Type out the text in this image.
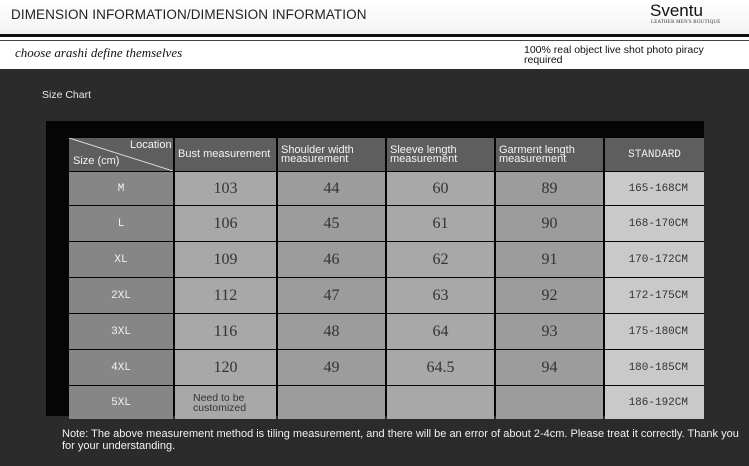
DIMENSION INFORMATION/DIMENSION INFORMATION	Sventu
LEATHER MEN'S BOUTIQUE
choose arashi define themselves	100% real object live shot photo piracy required
Size Chart
Location
Size (cm)	Bust measurement	Shoulder width measurement	Sleeve length measurement	Garment length measurement	STANDARD
M	103	44	60	89	165-168CM
L	106	45	61	90	168-170CM
XL	109	46	62	91	170-172CM
2XL	112	47	63	92	172-175CM
3XL	116	48	64	93	175-180CM
4XL	120	49	64.5	94	180-185CM
5XL	Need to be customized				186-192CM
Note: The above measurement method is tiling measurement, and there will be an error of about 2-4cm. Please treat it correctly. Thank you for your understanding.
